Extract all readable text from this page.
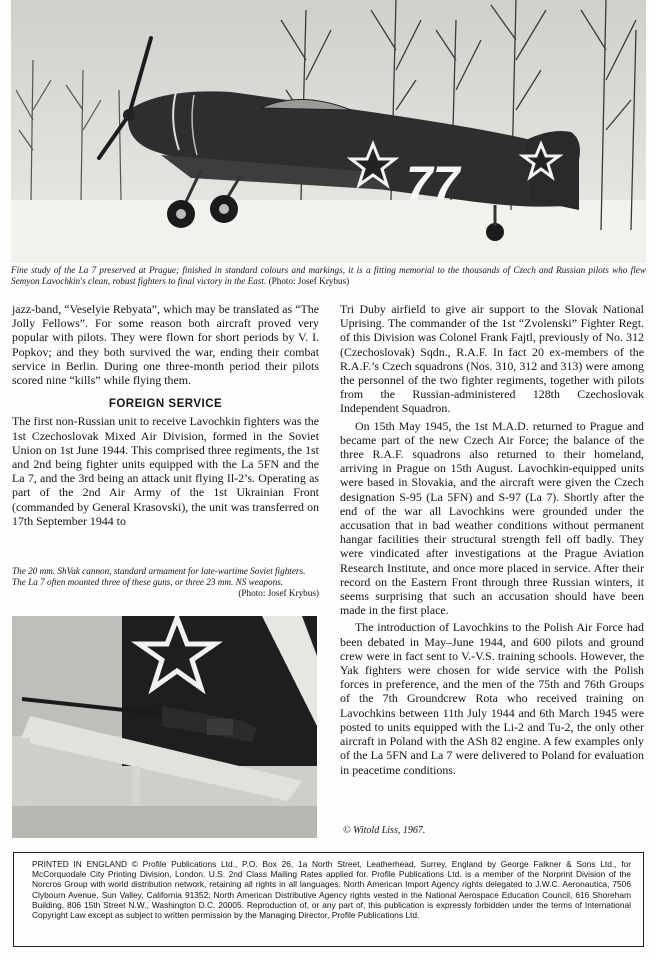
77
Fine study of the La 7 preserved at Prague; finished in standard colours and markings, it is a fitting memorial to the thousands of Czech and Russian pilots who flew Semyon Lavochkin's clean, robust fighters to final victory in the East. (Photo: Josef Krybus)

jazz-band, “Veselyie Rebyata”, which may be translated as “The Jolly Fellows”. For some reason both aircraft proved very popular with pilots. They were flown for short periods by V. I. Popkov; and they both survived the war, ending their combat service in Berlin. During one three-month period their pilots scored nine “kills” while flying them.

FOREIGN SERVICE

The first non-Russian unit to receive Lavochkin fighters was the 1st Czechoslovak Mixed Air Division, formed in the Soviet Union on 1st June 1944. This comprised three regiments, the 1st and 2nd being fighter units equipped with the La 5FN and the La 7, and the 3rd being an attack unit flying Il-2’s. Operating as part of the 2nd Air Army of the 1st Ukrainian Front (commanded by General Krasovski), the unit was transferred on 17th September 1944 to

The 20 mm. ShVak cannon, standard armament for late-wartime Soviet fighters. The La 7 often mounted three of these guns, or three 23 mm. NS weapons.
(Photo: Josef Krybus)

Tri Duby airfield to give air support to the Slovak National Uprising. The commander of the 1st “Zvolenski” Fighter Regt. of this Division was Colonel Frank Fajtl, previously of No. 312 (Czechoslovak) Sqdn., R.A.F. In fact 20 ex-members of the R.A.F.’s Czech squadrons (Nos. 310, 312 and 313) were among the personnel of the two fighter regiments, together with pilots from the Russian-administered 128th Czechoslovak Independent Squadron.

On 15th May 1945, the 1st M.A.D. returned to Prague and became part of the new Czech Air Force; the balance of the three R.A.F. squadrons also returned to their homeland, arriving in Prague on 15th August. Lavochkin-equipped units were based in Slovakia, and the aircraft were given the Czech designation S-95 (La 5FN) and S-97 (La 7). Shortly after the end of the war all Lavochkins were grounded under the accusation that in bad weather conditions without permanent hangar facilities their structural strength fell off badly. They were vindicated after investigations at the Prague Aviation Research Institute, and once more placed in service. After their record on the Eastern Front through three Russian winters, it seems surprising that such an accusation should have been made in the first place.

The introduction of Lavochkins to the Polish Air Force had been debated in May–June 1944, and 600 pilots and ground crew were in fact sent to V.-V.S. training schools. However, the Yak fighters were chosen for wide service with the Polish forces in preference, and the men of the 75th and 76th Groups of the 7th Groundcrew Rota who received training on Lavochkins between 11th July 1944 and 6th March 1945 were posted to units equipped with the Li-2 and Tu-2, the only other aircraft in Poland with the ASh 82 engine. A few examples only of the La 5FN and La 7 were delivered to Poland for evaluation in peacetime conditions.

© Witold Liss, 1967.
PRINTED IN ENGLAND © Profile Publications Ltd., P.O. Box 26, 1a North Street, Leatherhead, Surrey, England by George Falkner & Sons Ltd., for McCorquodale City Printing Division, London. U.S. 2nd Class Mailing Rates applied for. Profile Publications Ltd. is a member of the Norprint Division of the Norcros Group with world distribution network, retaining all rights in all languages. North American Import Agency rights delegated to J.W.C. Aeronautica, 7506 Clybourn Avenue, Sun Valley, California 91352; North American Distributive Agency rights vested in the National Aerospace Education Council, 616 Shoreham Building, 806 15th Street N.W., Washington D.C. 20005. Reproduction of, or any part of, this publication is expressly forbidden under the terms of International Copyright Law except as subject to written permission by the Managing Director, Profile Publications Ltd.
